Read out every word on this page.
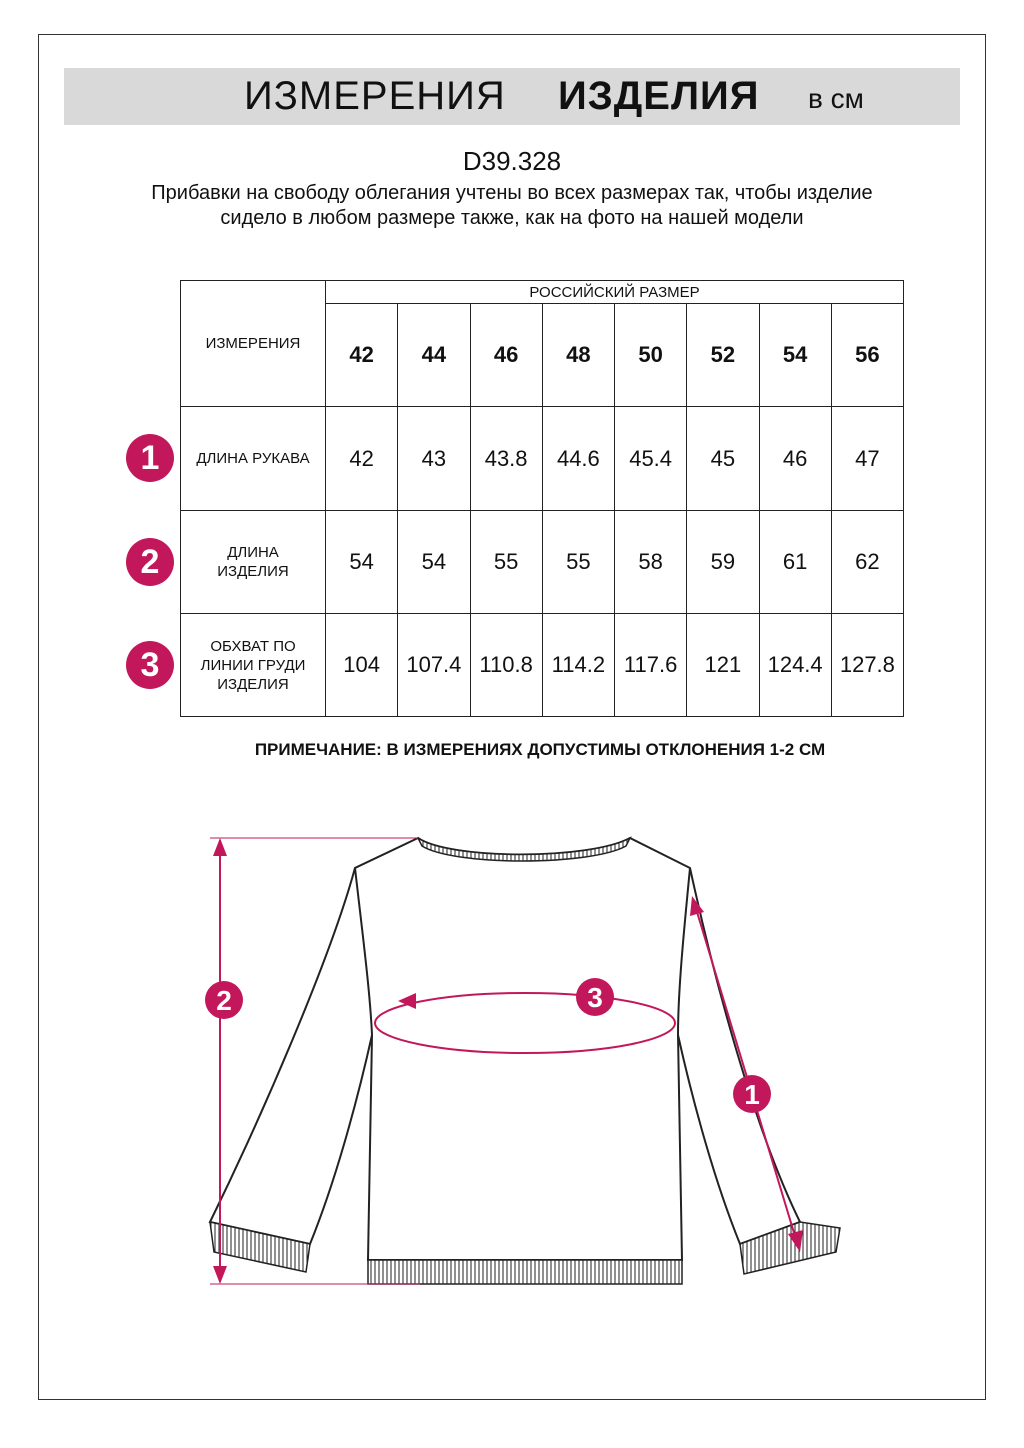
ИЗМЕРЕНИЯ ИЗДЕЛИЯ в см
D39.328
Прибавки на свободу облегания учтены во всех размерах так, чтобы изделие сидело в любом размере также, как на фото на нашей модели
1
2
3
ИЗМЕРЕНИЯ	РОССИЙСКИЙ РАЗМЕР							
	42	44	46	48	50	52	54	56
ДЛИНА РУКАВА	42	43	43.8	44.6	45.4	45	46	47
ДЛИНА ИЗДЕЛИЯ	54	54	55	55	58	59	61	62
ОБХВАТ ПО ЛИНИИ ГРУДИ ИЗДЕЛИЯ	104	107.4	110.8	114.2	117.6	121	124.4	127.8
ПРИМЕЧАНИЕ: В ИЗМЕРЕНИЯХ ДОПУСТИМЫ ОТКЛОНЕНИЯ 1-2 СМ
2	3
1
